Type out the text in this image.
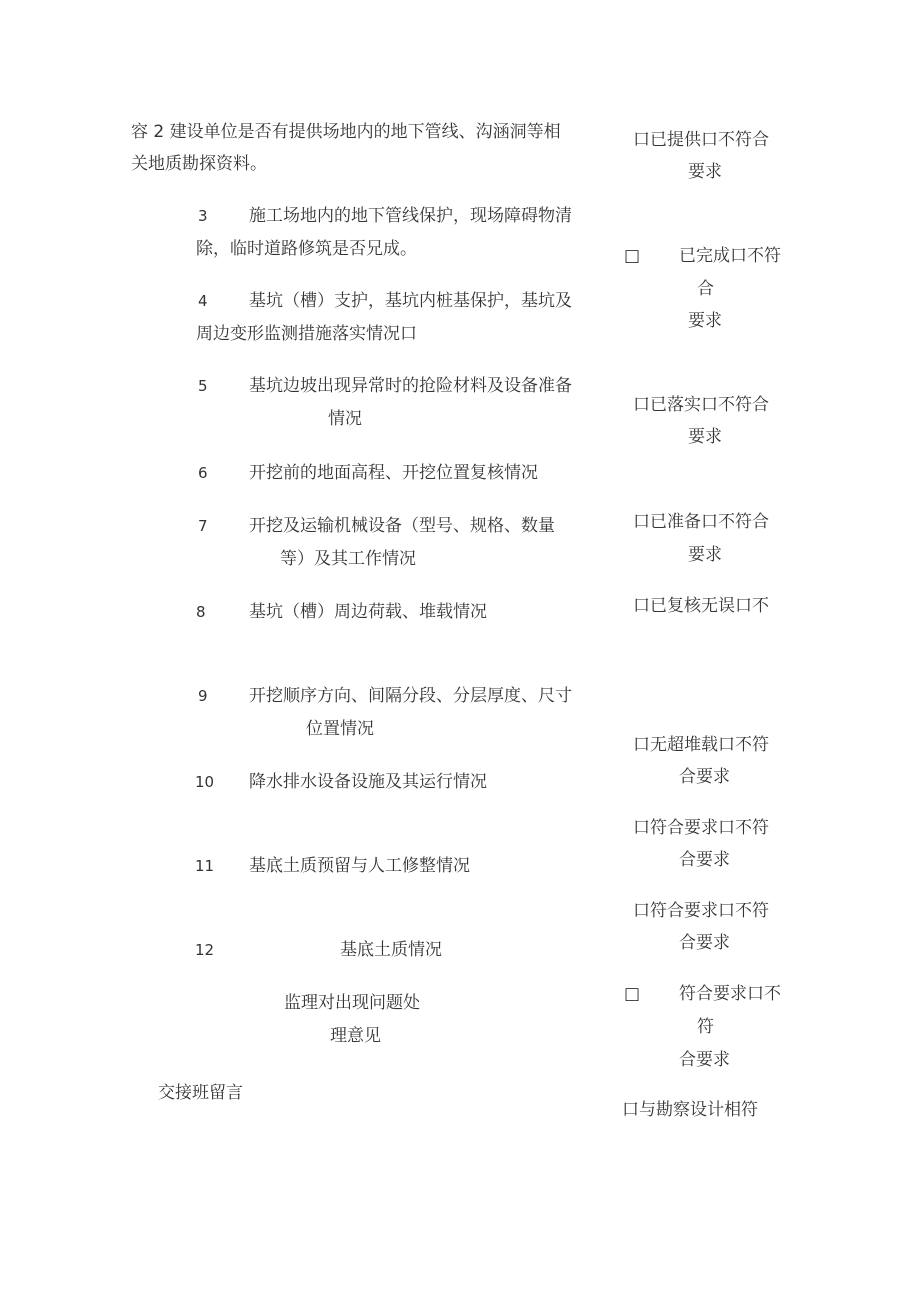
容 2 建设单位是否有提供场地内的地下管线、沟涵洞等相
关地质勘探资料。
3 施工场地内的地下管线保护，现场障碍物清
除，临时道路修筑是否兄成。
4 基坑（槽）支护，基坑内桩基保护，基坑及
周边变形监测措施落实情况口
5 基坑边坡出现异常时的抢险材料及设备准备
情况
6 开挖前的地面高程、开挖位置复核情况
7 开挖及运输机械设备（型号、规格、数量
等）及其工作情况
8	基坑（槽）周边荷载、堆载情况
9 开挖顺序方向、间隔分段、分层厚度、尺寸
位置情况
10 降水排水设备设施及其运行情况
11 基底土质预留与人工修整情况
12	基底土质情况
监理对出现问题处
理意见
交接班留言
口已提供口不符合
要求
□ 已完成口不符
合
要求
口已落实口不符合
要求
口已准备口不符合
要求
口已复核无误口不
口无超堆载口不符
合要求
口符合要求口不符
合要求
口符合要求口不符
合要求
□ 符合要求口不
符
合要求
口与勘察设计相符
